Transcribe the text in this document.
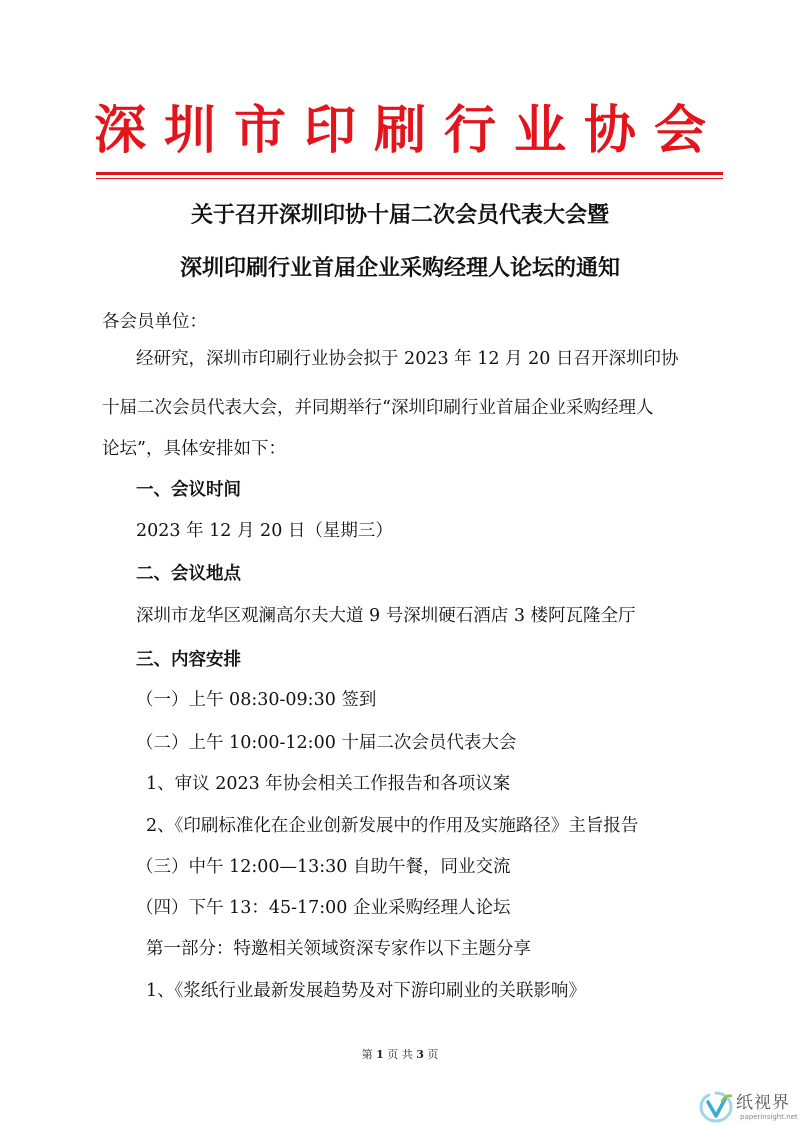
深圳市印刷行业协会
关于召开深圳印协十届二次会员代表大会暨
深圳印刷行业首届企业采购经理人论坛的通知
各会员单位：
经研究，深圳市印刷行业协会拟于 2023 年 12 月 20 日召开深圳印协
十届二次会员代表大会，并同期举行“深圳印刷行业首届企业采购经理人
论坛”，具体安排如下：
一、会议时间
2023 年 12 月 20 日（星期三）
二、会议地点
深圳市龙华区观澜高尔夫大道 9 号深圳硬石酒店 3 楼阿瓦隆全厅
三、内容安排
（一）上午 08:30-09:30 签到
（二）上午 10:00-12:00 十届二次会员代表大会
1、审议 2023 年协会相关工作报告和各项议案
2、《印刷标准化在企业创新发展中的作用及实施路径》主旨报告
（三）中午 12:00—13:30 自助午餐，同业交流
（四）下午 13：45-17:00 企业采购经理人论坛
第一部分：特邀相关领域资深专家作以下主题分享
1、《浆纸行业最新发展趋势及对下游印刷业的关联影响》
第 1 页 共 3 页
纸视界
paperinsight.net
